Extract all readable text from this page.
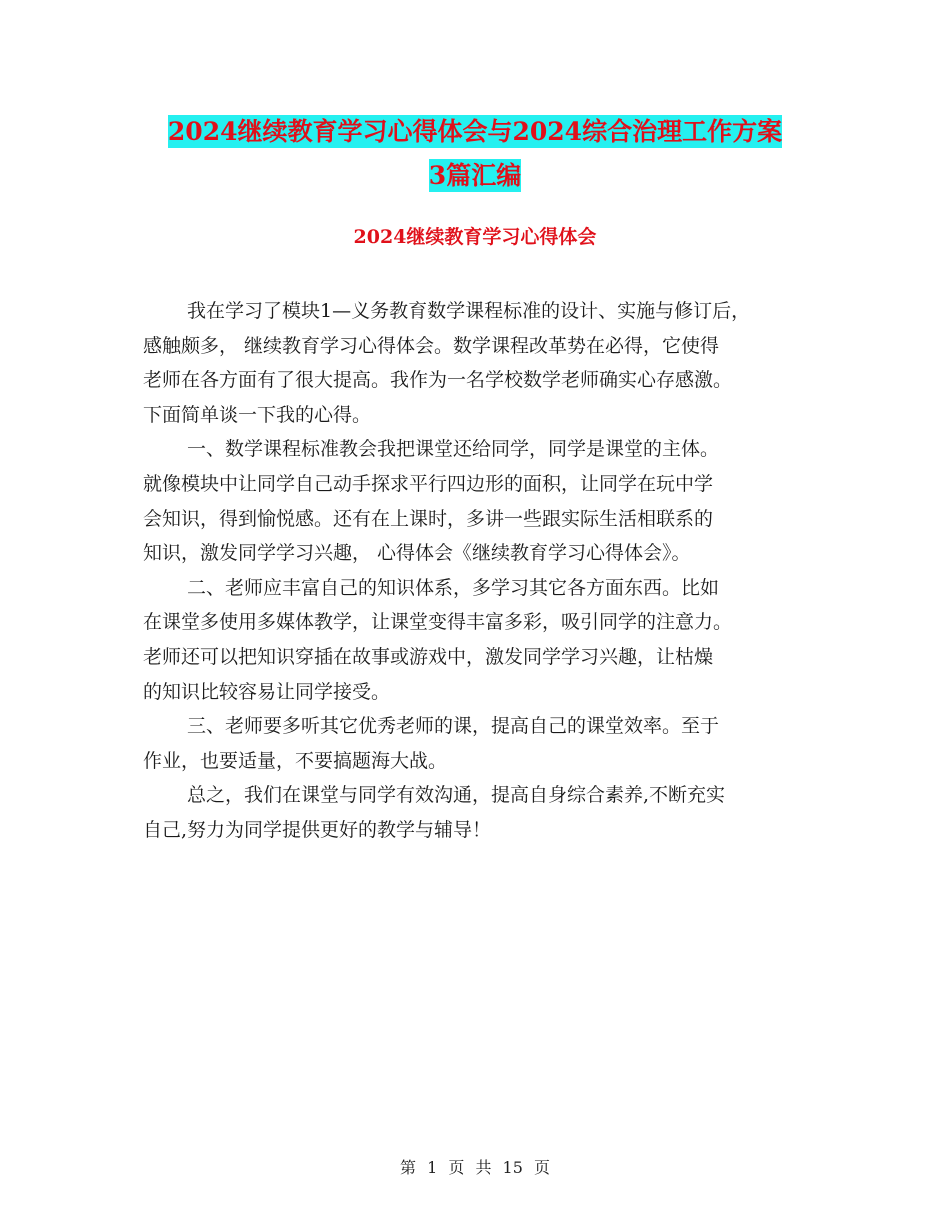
2024继续教育学习心得体会与2024综合治理工作方案
3篇汇编
2024继续教育学习心得体会

我在学习了模块1—义务教育数学课程标准的设计、实施与修订后，
感触颇多， 继续教育学习心得体会。数学课程改革势在必得，它使得
老师在各方面有了很大提高。我作为一名学校数学老师确实心存感激。
下面简单谈一下我的心得。

一、数学课程标准教会我把课堂还给同学，同学是课堂的主体。
就像模块中让同学自己动手探求平行四边形的面积，让同学在玩中学
会知识，得到愉悦感。还有在上课时，多讲一些跟实际生活相联系的
知识，激发同学学习兴趣， 心得体会《继续教育学习心得体会》。

二、老师应丰富自己的知识体系，多学习其它各方面东西。比如
在课堂多使用多媒体教学，让课堂变得丰富多彩，吸引同学的注意力。
老师还可以把知识穿插在故事或游戏中，激发同学学习兴趣，让枯燥
的知识比较容易让同学接受。

三、老师要多听其它优秀老师的课，提高自己的课堂效率。至于
作业，也要适量，不要搞题海大战。

总之，我们在课堂与同学有效沟通，提高自身综合素养,不断充实
自己,努力为同学提供更好的教学与辅导！

第 1 页 共 15 页
